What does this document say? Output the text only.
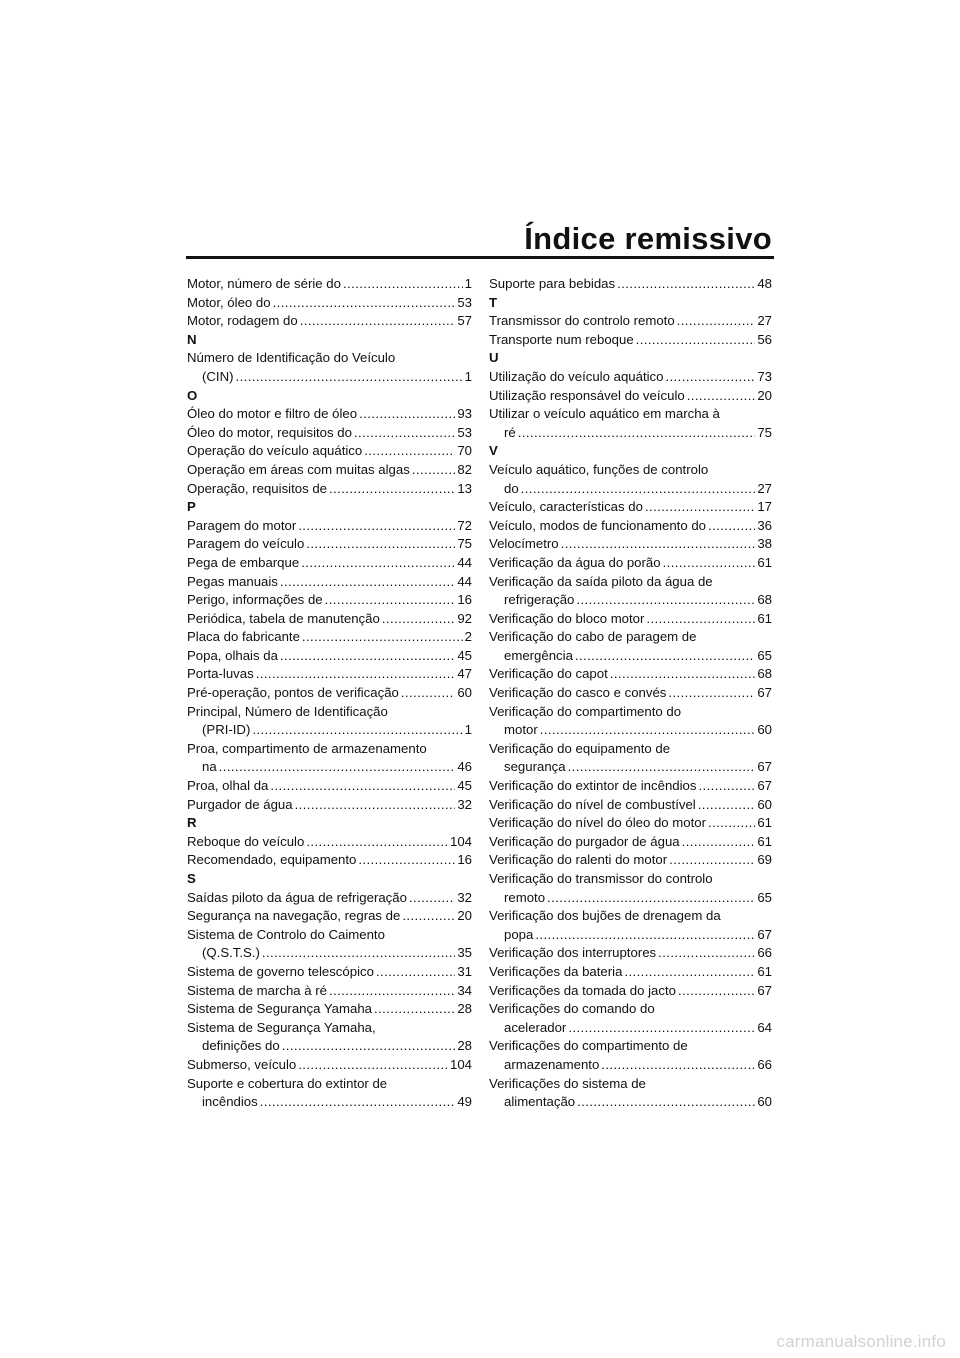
Índice remissivo
Motor, número de série do .....	1
Motor, óleo do .....	53
Motor, rodagem do .....	57
N
Número de Identificação do Veículo
(CIN) .....	1
O
Óleo do motor e filtro de óleo .....	93
Óleo do motor, requisitos do .....	53
Operação do veículo aquático .....	70
Operação em áreas com muitas algas .....	82
Operação, requisitos de .....	13
P
Paragem do motor .....	72
Paragem do veículo .....	75
Pega de embarque .....	44
Pegas manuais .....	44
Perigo, informações de .....	16
Periódica, tabela de manutenção .....	92
Placa do fabricante .....	2
Popa, olhais da .....	45
Porta-luvas .....	47
Pré-operação, pontos de verificação .....	60
Principal, Número de Identificação
(PRI-ID) .....	1
Proa, compartimento de armazenamento
na .....	46
Proa, olhal da .....	45
Purgador de água .....	32
R
Reboque do veículo .....	104
Recomendado, equipamento .....	16
S
Saídas piloto da água de refrigeração .....	32
Segurança na navegação, regras de .....	20
Sistema de Controlo do Caimento
(Q.S.T.S.) .....	35
Sistema de governo telescópico .....	31
Sistema de marcha à ré .....	34
Sistema de Segurança Yamaha .....	28
Sistema de Segurança Yamaha,
definições do .....	28
Submerso, veículo .....	104
Suporte e cobertura do extintor de
incêndios .....	49
Suporte para bebidas .....	48
T
Transmissor do controlo remoto .....	27
Transporte num reboque .....	56
U
Utilização do veículo aquático .....	73
Utilização responsável do veículo .....	20
Utilizar o veículo aquático em marcha à
ré .....	75
V
Veículo aquático, funções de controlo
do .....	27
Veículo, características do .....	17
Veículo, modos de funcionamento do .....	36
Velocímetro .....	38
Verificação da água do porão .....	61
Verificação da saída piloto da água de
refrigeração .....	68
Verificação do bloco motor .....	61
Verificação do cabo de paragem de
emergência .....	65
Verificação do capot .....	68
Verificação do casco e convés .....	67
Verificação do compartimento do
motor .....	60
Verificação do equipamento de
segurança .....	67
Verificação do extintor de incêndios .....	67
Verificação do nível de combustível .....	60
Verificação do nível do óleo do motor .....	61
Verificação do purgador de água .....	61
Verificação do ralenti do motor .....	69
Verificação do transmissor do controlo
remoto .....	65
Verificação dos bujões de drenagem da
popa .....	67
Verificação dos interruptores .....	66
Verificações da bateria .....	61
Verificações da tomada do jacto .....	67
Verificações do comando do
acelerador .....	64
Verificações do compartimento de
armazenamento .....	66
Verificações do sistema de
alimentação .....	60
carmanualsonline.info
